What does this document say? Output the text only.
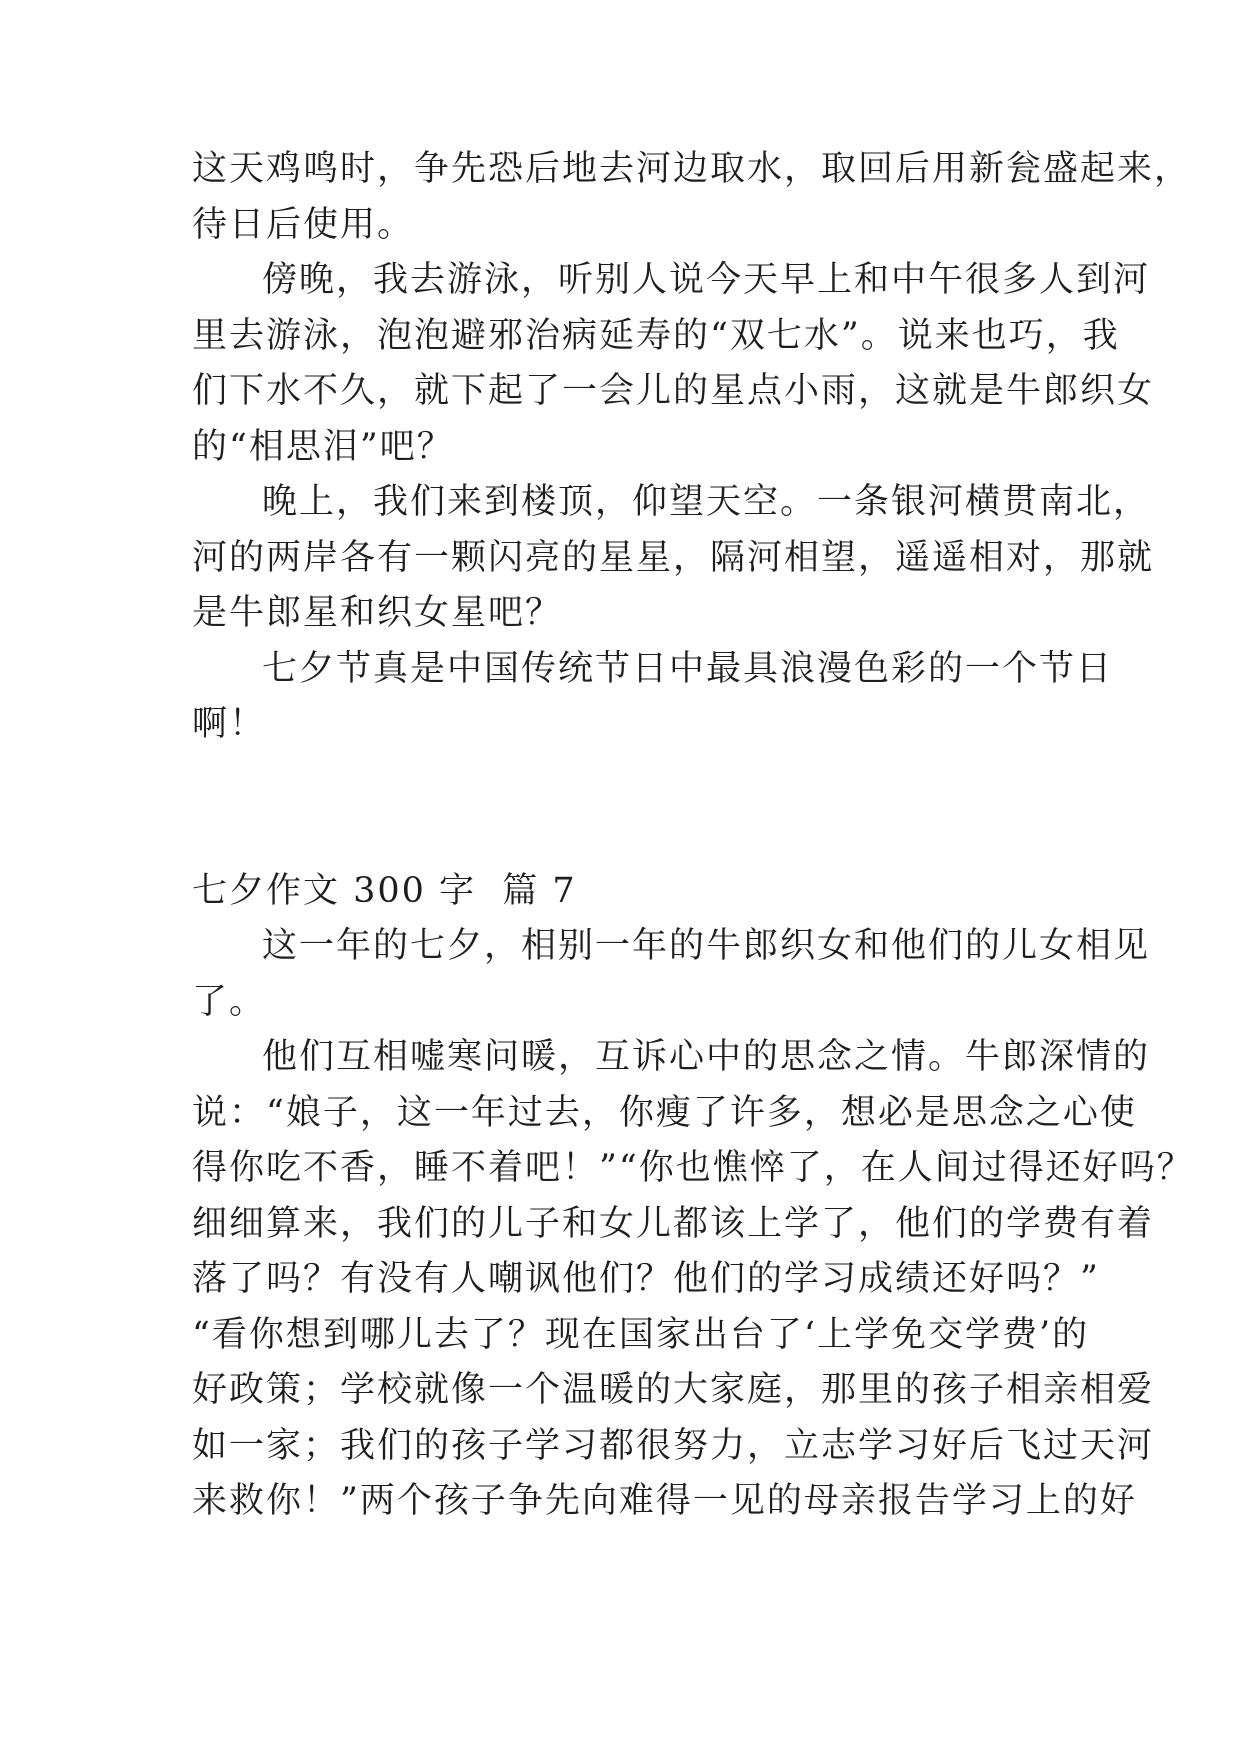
这天鸡鸣时，争先恐后地去河边取水，取回后用新瓮盛起来，
待日后使用。
傍晚，我去游泳，听别人说今天早上和中午很多人到河
里去游泳，泡泡避邪治病延寿的“双七水”。说来也巧，我
们下水不久，就下起了一会儿的星点小雨，这就是牛郎织女
的“相思泪”吧？
晚上，我们来到楼顶，仰望天空。一条银河横贯南北，
河的两岸各有一颗闪亮的星星，隔河相望，遥遥相对，那就
是牛郎星和织女星吧？
七夕节真是中国传统节日中最具浪漫色彩的一个节日
啊！
七夕作文 300 字  篇 7
这一年的七夕，相别一年的牛郎织女和他们的儿女相见
了。
他们互相嘘寒问暖，互诉心中的思念之情。牛郎深情的
说：“娘子，这一年过去，你瘦了许多，想必是思念之心使
得你吃不香，睡不着吧！”“你也憔悴了，在人间过得还好吗？
细细算来，我们的儿子和女儿都该上学了，他们的学费有着
落了吗？有没有人嘲讽他们？他们的学习成绩还好吗？”
“看你想到哪儿去了？现在国家出台了‘上学免交学费’的
好政策；学校就像一个温暖的大家庭，那里的孩子相亲相爱
如一家；我们的孩子学习都很努力，立志学习好后飞过天河
来救你！”两个孩子争先向难得一见的母亲报告学习上的好
